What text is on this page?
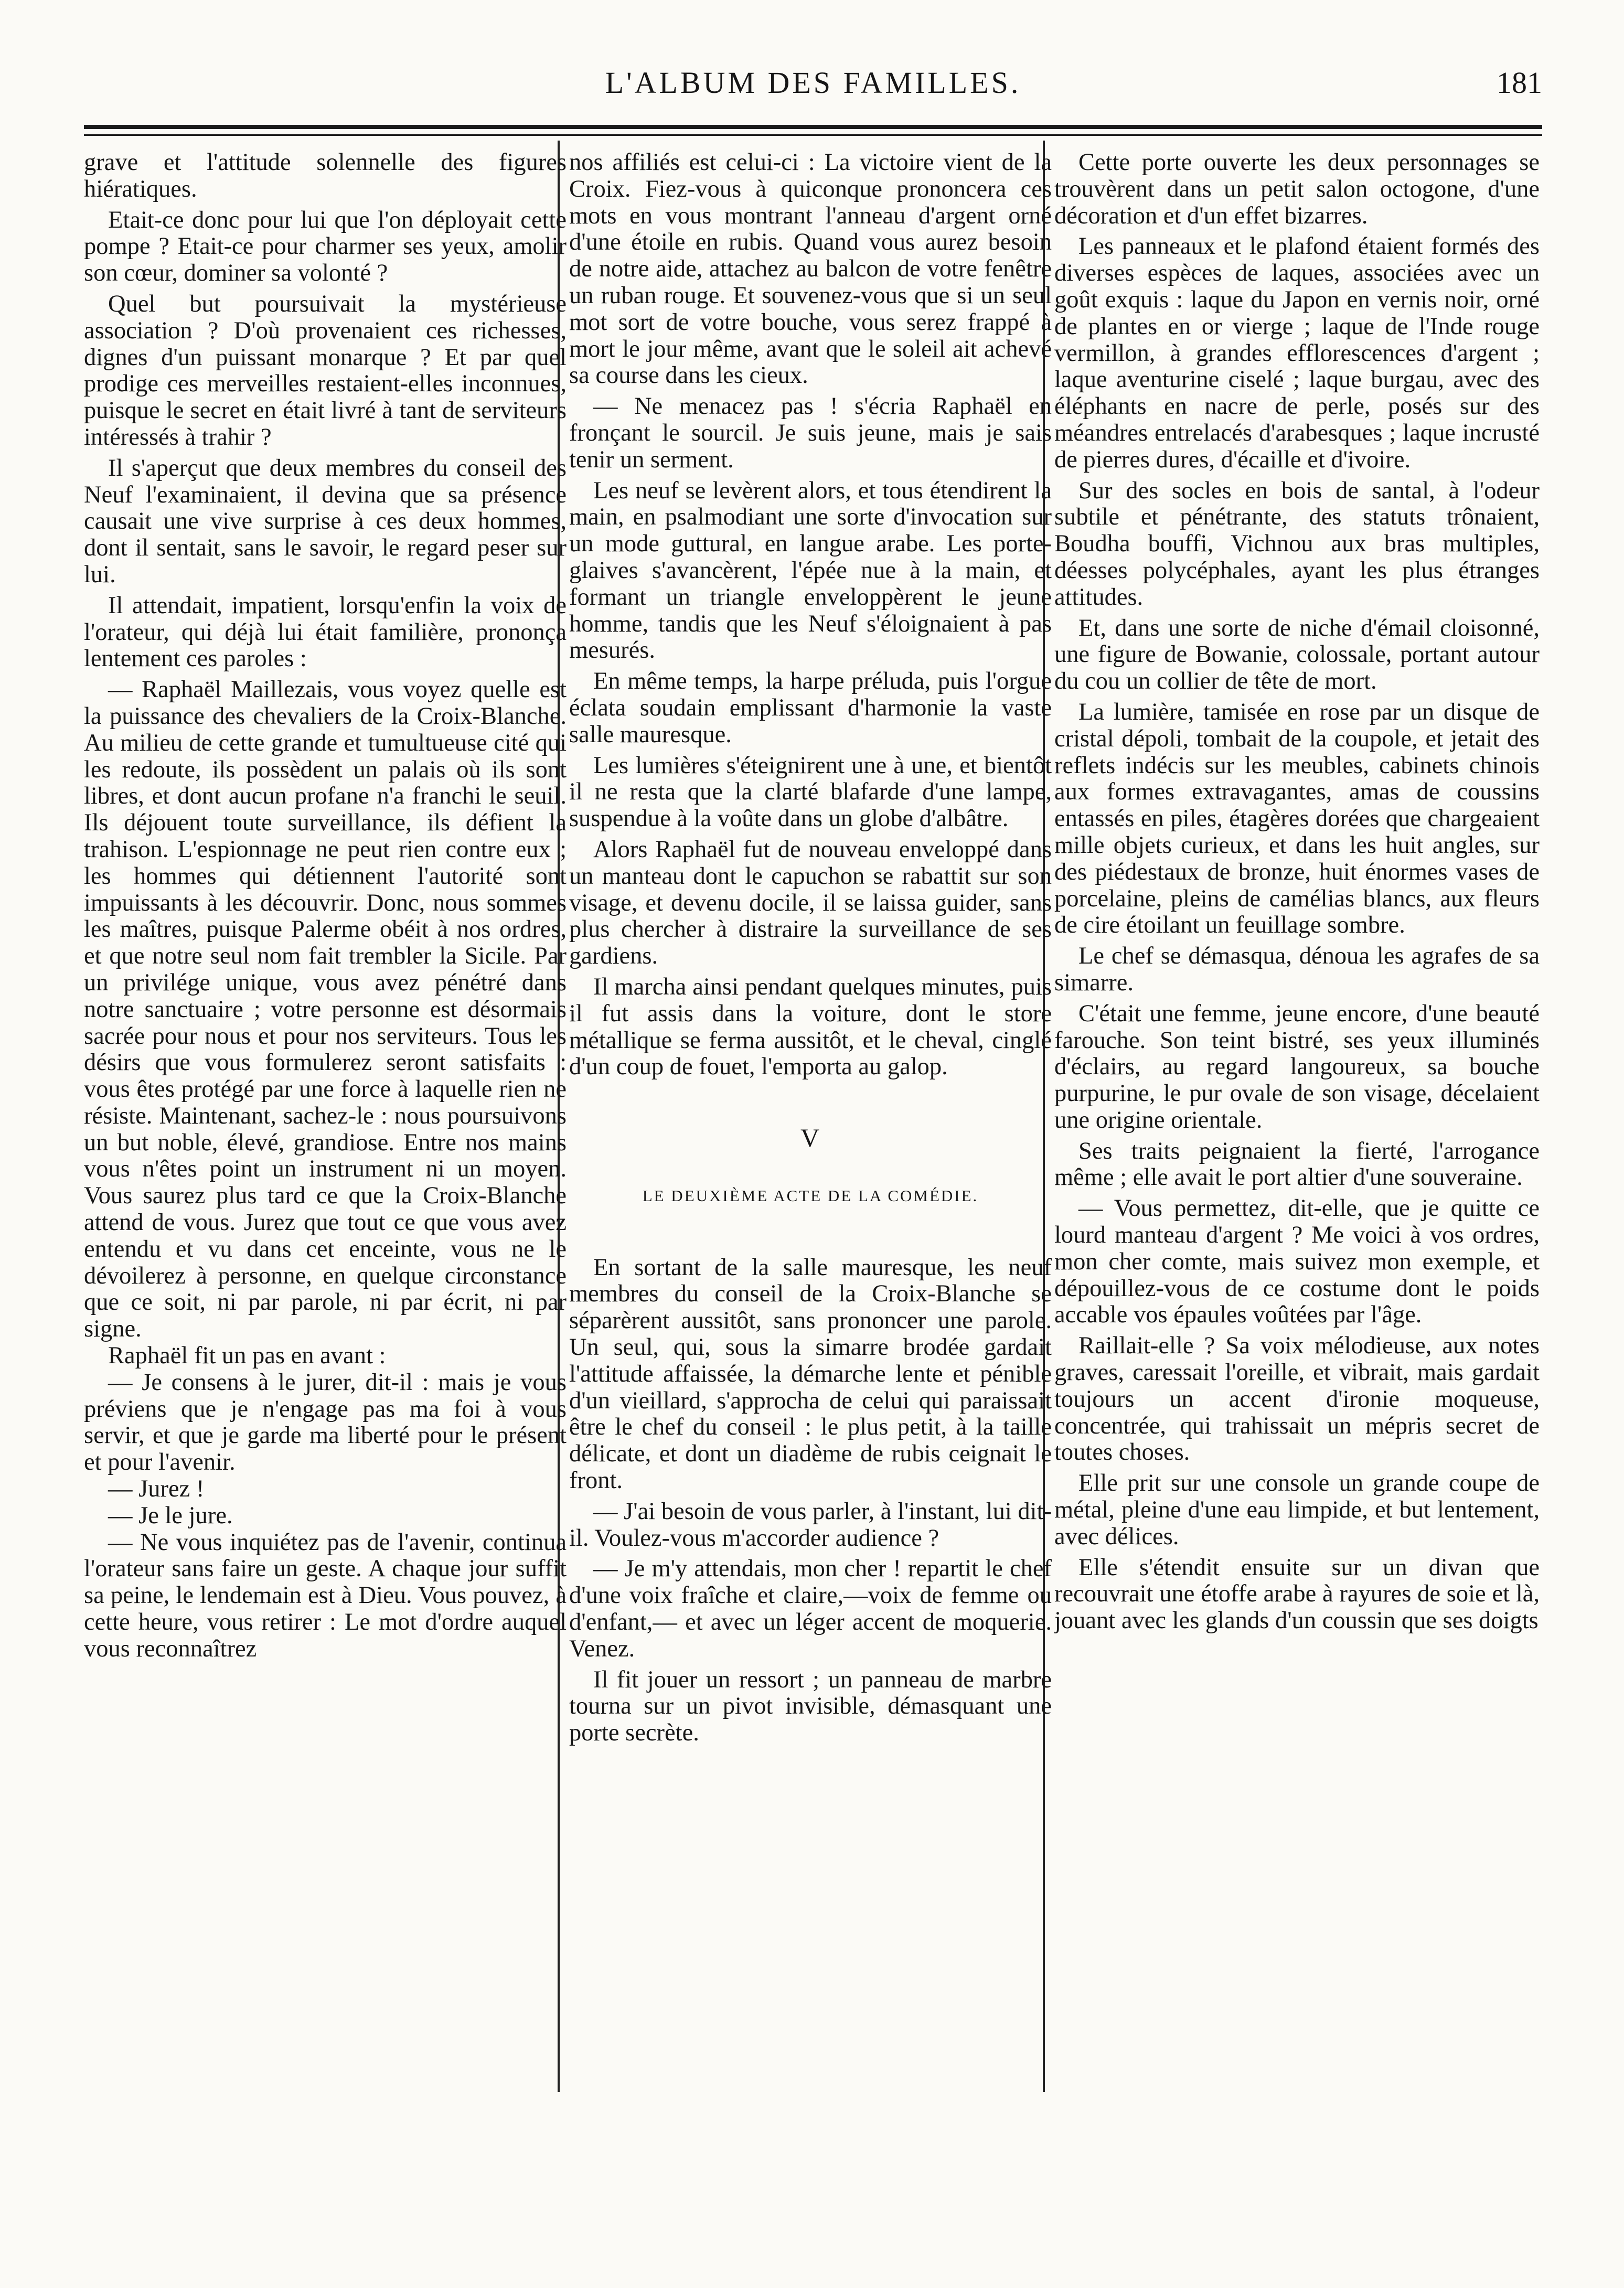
L'ALBUM DES FAMILLES.	181

grave et l'attitude solennelle des figures hiératiques.

Etait-ce donc pour lui que l'on déployait cette pompe ? Etait-ce pour charmer ses yeux, amolir son cœur, dominer sa volonté ?

Quel but poursuivait la mystérieuse association ? D'où provenaient ces richesses, dignes d'un puissant monarque ? Et par quel prodige ces merveilles restaient-elles inconnues, puisque le secret en était livré à tant de serviteurs intéressés à trahir ?

Il s'aperçut que deux membres du conseil des Neuf l'examinaient, il devina que sa présence causait une vive surprise à ces deux hommes, dont il sentait, sans le savoir, le regard peser sur lui.

Il attendait, impatient, lorsqu'enfin la voix de l'orateur, qui déjà lui était familière, prononça lentement ces paroles :

— Raphaël Maillezais, vous voyez quelle est la puissance des chevaliers de la Croix-Blanche. Au milieu de cette grande et tumultueuse cité qui les redoute, ils possèdent un palais où ils sont libres, et dont aucun profane n'a franchi le seuil. Ils déjouent toute surveillance, ils défient la trahison. L'espionnage ne peut rien contre eux ; les hommes qui détiennent l'autorité sont impuissants à les découvrir. Donc, nous sommes les maîtres, puisque Palerme obéit à nos ordres, et que notre seul nom fait trembler la Sicile. Par un privilége unique, vous avez pénétré dans notre sanctuaire ; votre personne est désormais sacrée pour nous et pour nos serviteurs. Tous les désirs que vous formulerez seront satisfaits : vous êtes protégé par une force à laquelle rien ne résiste. Maintenant, sachez-le : nous poursuivons un but noble, élevé, grandiose. Entre nos mains vous n'êtes point un instrument ni un moyen. Vous saurez plus tard ce que la Croix-Blanche attend de vous. Jurez que tout ce que vous avez entendu et vu dans cet enceinte, vous ne le dévoilerez à personne, en quelque circonstance que ce soit, ni par parole, ni par écrit, ni par signe.

Raphaël fit un pas en avant :

— Je consens à le jurer, dit-il : mais je vous préviens que je n'engage pas ma foi à vous servir, et que je garde ma liberté pour le présent et pour l'avenir.

— Jurez !

— Je le jure.

— Ne vous inquiétez pas de l'avenir, continua l'orateur sans faire un geste. A chaque jour suffit sa peine, le lendemain est à Dieu. Vous pouvez, à cette heure, vous retirer : Le mot d'ordre auquel vous reconnaîtrez

nos affiliés est celui-ci : La victoire vient de la Croix. Fiez-vous à quiconque prononcera ces mots en vous montrant l'anneau d'argent orné d'une étoile en rubis. Quand vous aurez besoin de notre aide, attachez au balcon de votre fenêtre un ruban rouge. Et souvenez-vous que si un seul mot sort de votre bouche, vous serez frappé à mort le jour même, avant que le soleil ait achevé sa course dans les cieux.

— Ne menacez pas ! s'écria Raphaël en fronçant le sourcil. Je suis jeune, mais je sais tenir un serment.

Les neuf se levèrent alors, et tous étendirent la main, en psalmodiant une sorte d'invocation sur un mode guttural, en langue arabe. Les porte-glaives s'avancèrent, l'épée nue à la main, et formant un triangle enveloppèrent le jeune homme, tandis que les Neuf s'éloignaient à pas mesurés.

En même temps, la harpe préluda, puis l'orgue éclata soudain emplissant d'harmonie la vaste salle mauresque.

Les lumières s'éteignirent une à une, et bientôt il ne resta que la clarté blafarde d'une lampe, suspendue à la voûte dans un globe d'albâtre.

Alors Raphaël fut de nouveau enveloppé dans un manteau dont le capuchon se rabattit sur son visage, et devenu docile, il se laissa guider, sans plus chercher à distraire la surveillance de ses gardiens.

Il marcha ainsi pendant quelques minutes, puis il fut assis dans la voiture, dont le store métallique se ferma aussitôt, et le cheval, cinglé d'un coup de fouet, l'emporta au galop.

V
LE DEUXIÈME ACTE DE LA COMÉDIE.

En sortant de la salle mauresque, les neuf membres du conseil de la Croix-Blanche se séparèrent aussitôt, sans prononcer une parole. Un seul, qui, sous la simarre brodée gardait l'attitude affaissée, la démarche lente et pénible d'un vieillard, s'approcha de celui qui paraissait être le chef du conseil : le plus petit, à la taille délicate, et dont un diadème de rubis ceignait le front.

— J'ai besoin de vous parler, à l'instant, lui dit-il. Voulez-vous m'accorder audience ?

— Je m'y attendais, mon cher ! repartit le chef d'une voix fraîche et claire,—voix de femme ou d'enfant,— et avec un léger accent de moquerie. Venez.

Il fit jouer un ressort ; un panneau de marbre tourna sur un pivot invisible, démasquant une porte secrète.

Cette porte ouverte les deux personnages se trouvèrent dans un petit salon octogone, d'une décoration et d'un effet bizarres.

Les panneaux et le plafond étaient formés des diverses espèces de laques, associées avec un goût exquis : laque du Japon en vernis noir, orné de plantes en or vierge ; laque de l'Inde rouge vermillon, à grandes efflorescences d'argent ; laque aventurine ciselé ; laque burgau, avec des éléphants en nacre de perle, posés sur des méandres entrelacés d'arabesques ; laque incrusté de pierres dures, d'écaille et d'ivoire.

Sur des socles en bois de santal, à l'odeur subtile et pénétrante, des statuts trônaient, Boudha bouffi, Vichnou aux bras multiples, déesses polycéphales, ayant les plus étranges attitudes.

Et, dans une sorte de niche d'émail cloisonné, une figure de Bowanie, colossale, portant autour du cou un collier de tête de mort.

La lumière, tamisée en rose par un disque de cristal dépoli, tombait de la coupole, et jetait des reflets indécis sur les meubles, cabinets chinois aux formes extravagantes, amas de coussins entassés en piles, étagères dorées que chargeaient mille objets curieux, et dans les huit angles, sur des piédestaux de bronze, huit énormes vases de porcelaine, pleins de camélias blancs, aux fleurs de cire étoilant un feuillage sombre.

Le chef se démasqua, dénoua les agrafes de sa simarre.

C'était une femme, jeune encore, d'une beauté farouche. Son teint bistré, ses yeux illuminés d'éclairs, au regard langoureux, sa bouche purpurine, le pur ovale de son visage, décelaient une origine orientale.

Ses traits peignaient la fierté, l'arrogance même ; elle avait le port altier d'une souveraine.

— Vous permettez, dit-elle, que je quitte ce lourd manteau d'argent ? Me voici à vos ordres, mon cher comte, mais suivez mon exemple, et dépouillez-vous de ce costume dont le poids accable vos épaules voûtées par l'âge.

Raillait-elle ? Sa voix mélodieuse, aux notes graves, caressait l'oreille, et vibrait, mais gardait toujours un accent d'ironie moqueuse, concentrée, qui trahissait un mépris secret de toutes choses.

Elle prit sur une console un grande coupe de métal, pleine d'une eau limpide, et but lentement, avec délices.

Elle s'étendit ensuite sur un divan que recouvrait une étoffe arabe à rayures de soie et là, jouant avec les glands d'un coussin que ses doigts
